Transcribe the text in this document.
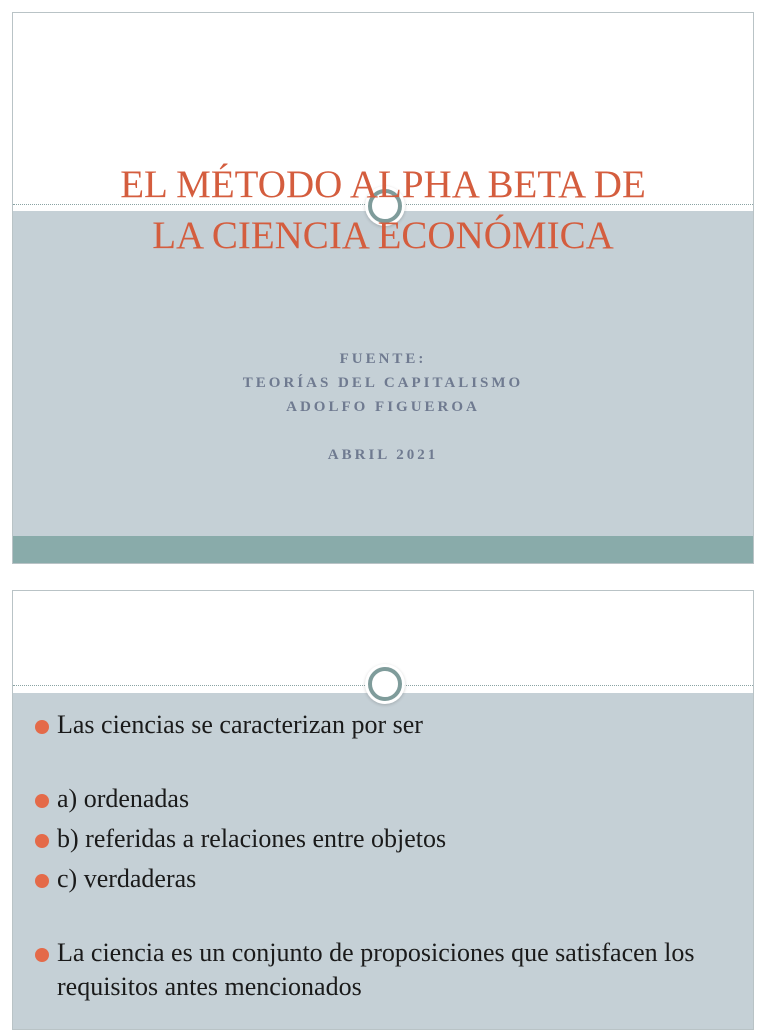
EL MÉTODO ALPHA BETA DE
LA CIENCIA ECONÓMICA
FUENTE:
TEORÍAS DEL CAPITALISMO
ADOLFO FIGUEROA
ABRIL 2021
Las ciencias se caracterizan por ser
a) ordenadas
b) referidas a relaciones entre objetos
c) verdaderas
La ciencia es un conjunto de proposiciones que satisfacen los requisitos antes mencionados
